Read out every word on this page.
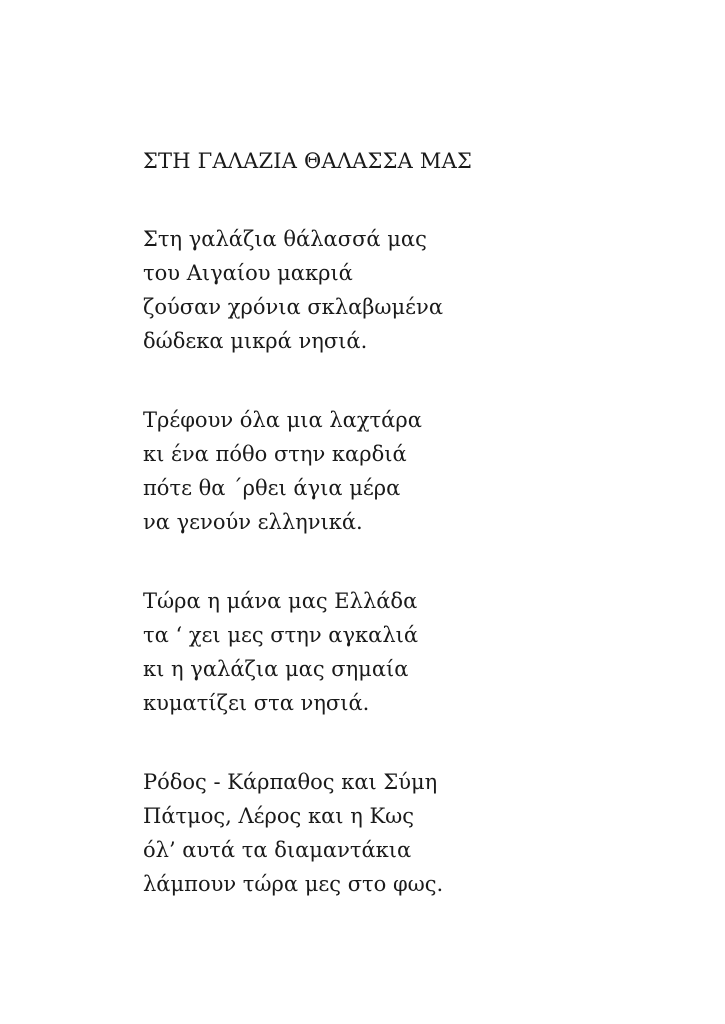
ΣΤΗ ΓΑΛΑΖΙΑ ΘΑΛΑΣΣΑ ΜΑΣ
Στη γαλάζια θάλασσά μας
του Αιγαίου μακριά
ζούσαν χρόνια σκλαβωμένα
δώδεκα μικρά νησιά.
Τρέφουν όλα μια λαχτάρα
κι ένα πόθο στην καρδιά
πότε θα ΄ρθει άγια μέρα
να γενούν ελληνικά.
Τώρα η μάνα μας Ελλάδα
τα ‘ χει μες στην αγκαλιά
κι η γαλάζια μας σημαία
κυματίζει στα νησιά.
Ρόδος - Κάρπαθος και Σύμη
Πάτμος, Λέρος και η Κως
όλ’ αυτά τα διαμαντάκια
λάμπουν τώρα μες στο φως.
